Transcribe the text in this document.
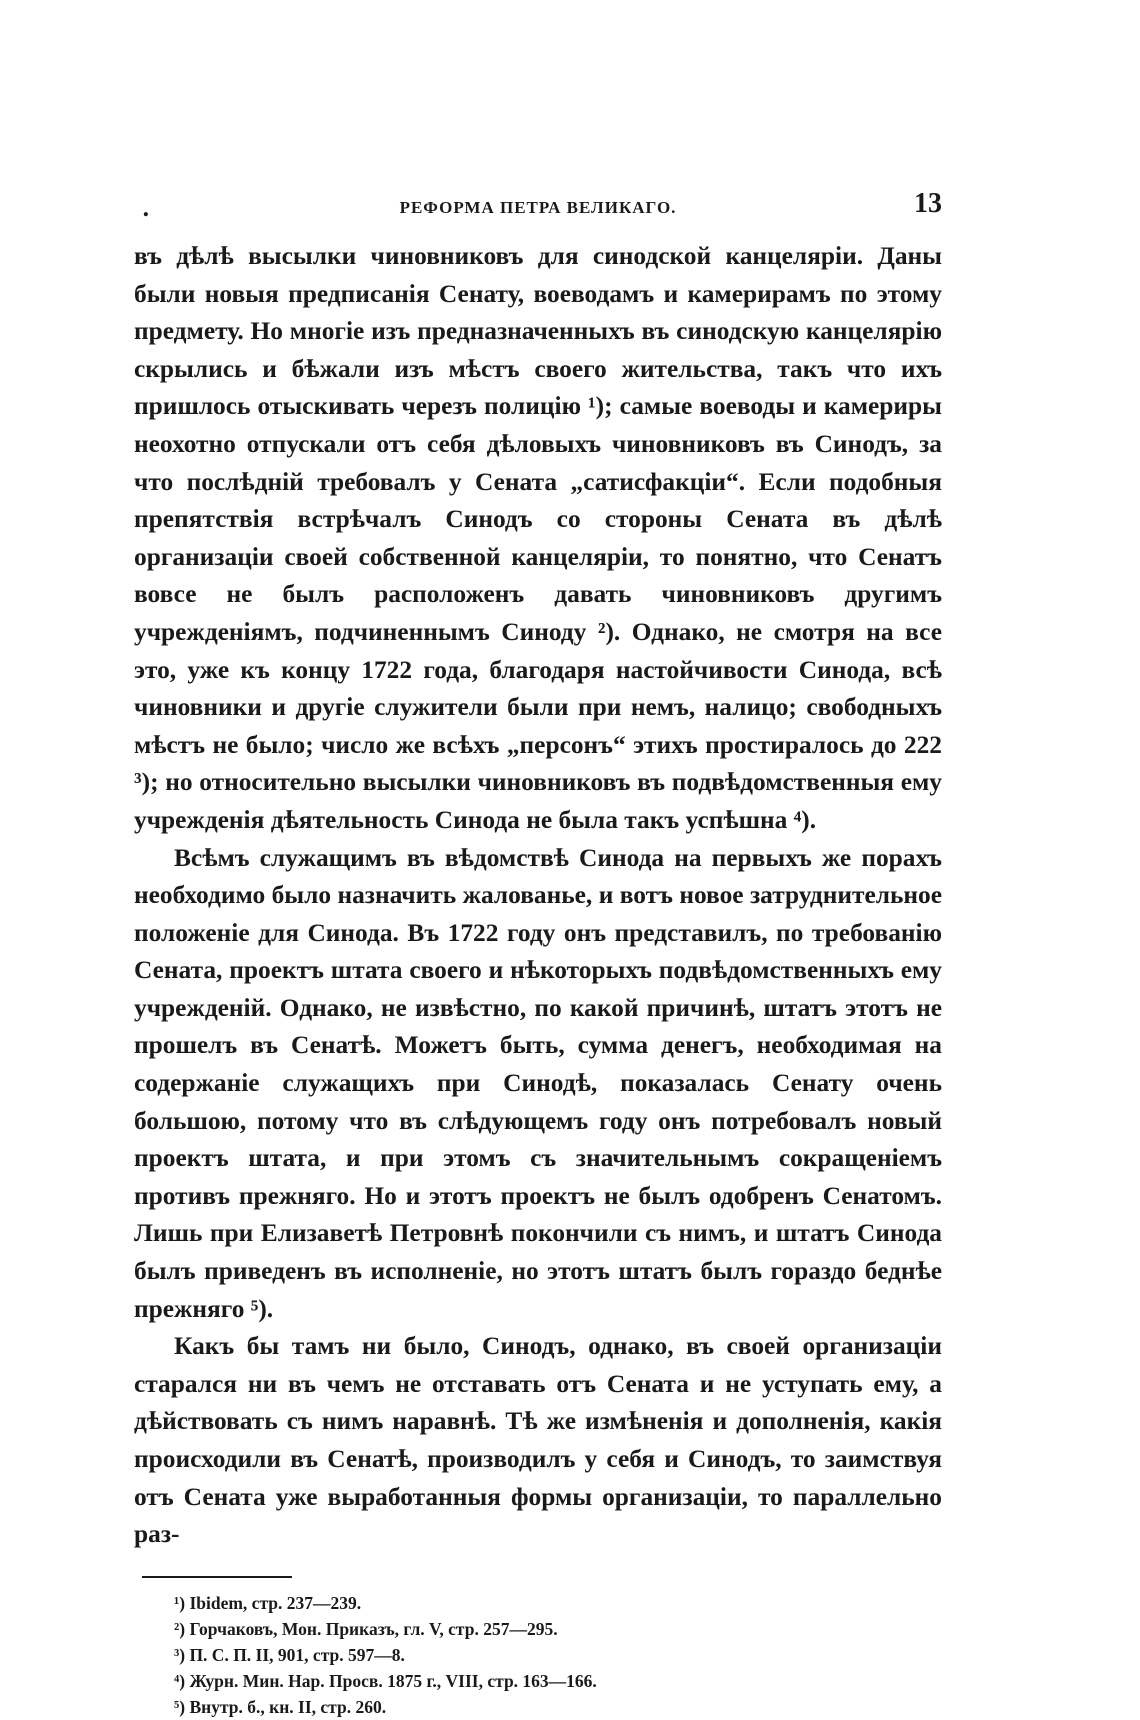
.	РЕФОРМА ПЕТРА ВЕЛИКАГО.	13

въ дѣлѣ высылки чиновниковъ для синодской канцеляріи. Даны были новыя предписанія Сенату, воеводамъ и камерирамъ по этому предмету. Но многіе изъ предназначенныхъ въ синодскую канцелярію скрылись и бѣжали изъ мѣстъ своего жительства, такъ что ихъ пришлось отыскивать черезъ полицію ¹); самые воеводы и камериры неохотно отпускали отъ себя дѣловыхъ чиновниковъ въ Синодъ, за что послѣдній требовалъ у Сената „сатисфакціи“. Если подобныя препятствія встрѣчалъ Синодъ со стороны Сената въ дѣлѣ организаціи своей собственной канцеляріи, то понятно, что Сенатъ вовсе не былъ расположенъ давать чиновниковъ другимъ учрежденіямъ, подчиненнымъ Синоду ²). Однако, не смотря на все это, уже къ концу 1722 года, благодаря настойчивости Синода, всѣ чиновники и другіе служители были при немъ, налицо; свободныхъ мѣстъ не было; число же всѣхъ „персонъ“ этихъ простиралось до 222 ³); но относительно высылки чиновниковъ въ подвѣдомственныя ему учрежденія дѣятельность Синода не была такъ успѣшна ⁴).

Всѣмъ служащимъ въ вѣдомствѣ Синода на первыхъ же порахъ необходимо было назначить жалованье, и вотъ новое затруднительное положеніе для Синода. Въ 1722 году онъ представилъ, по требованію Сената, проектъ штата своего и нѣкоторыхъ подвѣдомственныхъ ему учрежденій. Однако, не извѣстно, по какой причинѣ, штатъ этотъ не прошелъ въ Сенатѣ. Можетъ быть, сумма денегъ, необходимая на содержаніе служащихъ при Синодѣ, показалась Сенату очень большою, потому что въ слѣдующемъ году онъ потребовалъ новый проектъ штата, и при этомъ съ значительнымъ сокращеніемъ противъ прежняго. Но и этотъ проектъ не былъ одобренъ Сенатомъ. Лишь при Елизаветѣ Петровнѣ покончили съ нимъ, и штатъ Синода былъ приведенъ въ исполненіе, но этотъ штатъ былъ гораздо беднѣе прежняго ⁵).

Какъ бы тамъ ни было, Синодъ, однако, въ своей организаціи старался ни въ чемъ не отставать отъ Сената и не уступать ему, а дѣйствовать съ нимъ наравнѣ. Тѣ же измѣненія и дополненія, какія происходили въ Сенатѣ, производилъ у себя и Синодъ, то заимствуя отъ Сената уже выработанныя формы организаціи, то параллельно раз-

¹) Ibidem, стр. 237—239.
²) Горчаковъ, Мон. Приказъ, гл. V, стр. 257—295.
³) П. С. П. II, 901, стр. 597—8.
⁴) Журн. Мин. Нар. Просв. 1875 г., VIII, стр. 163—166.
⁵) Внутр. б., кн. II, стр. 260.
